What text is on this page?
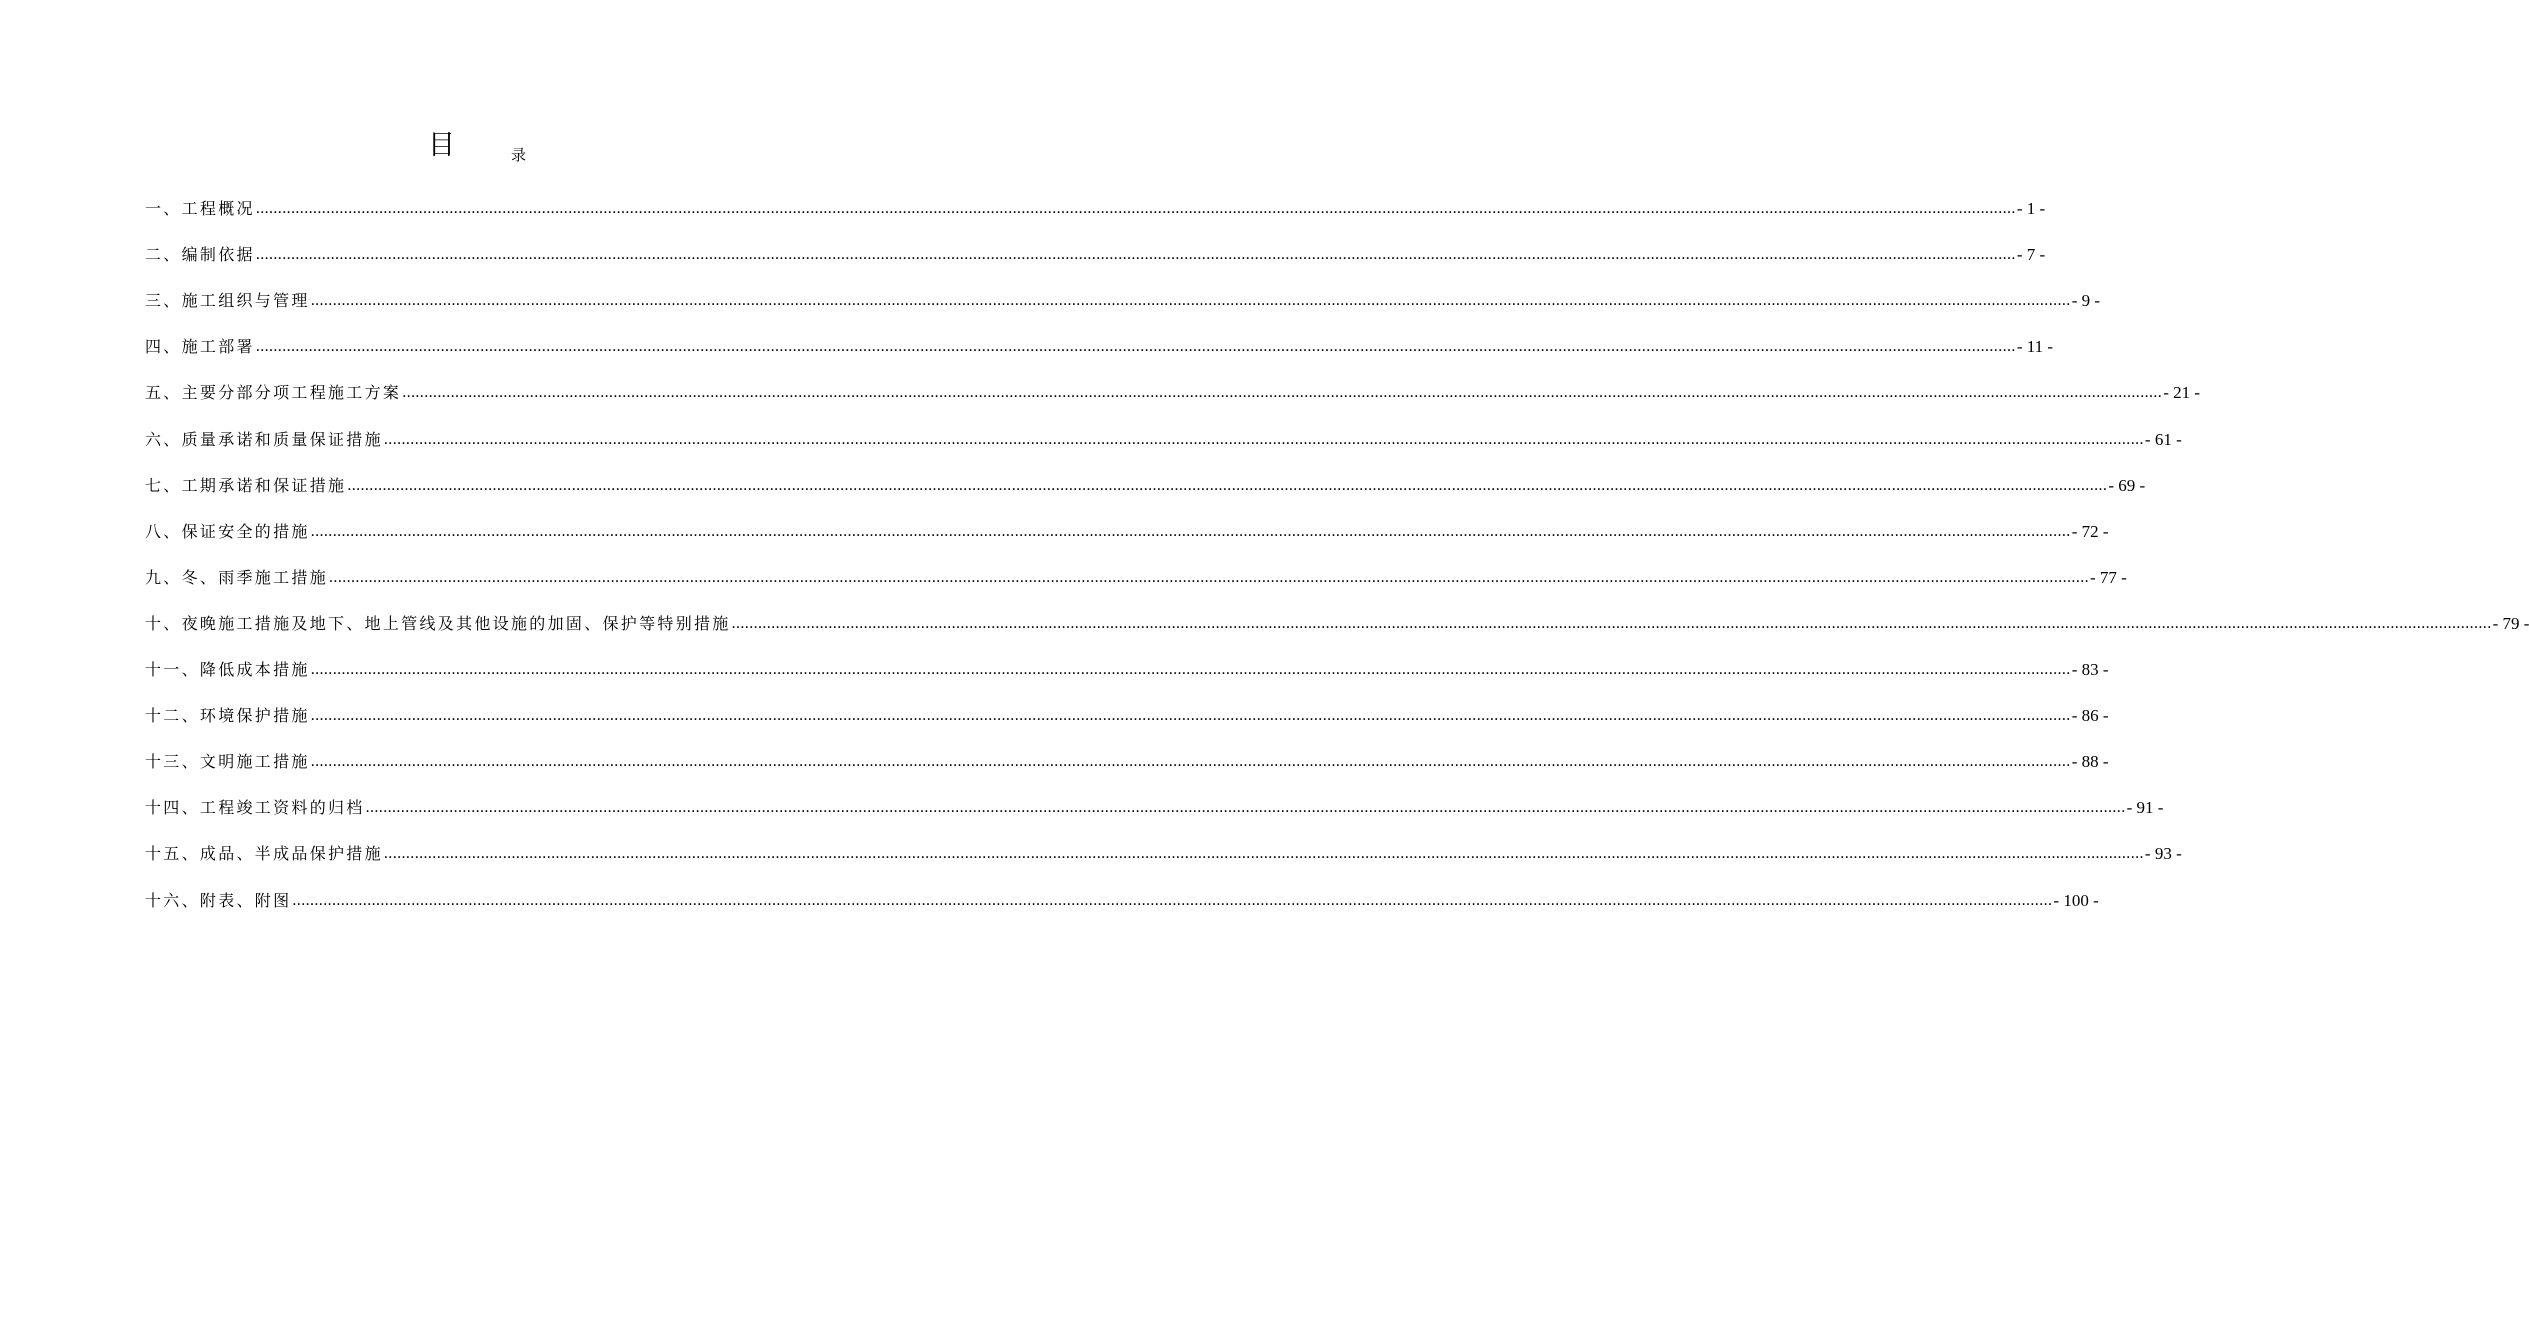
目	录
一、工程概况 ................................................................................................................................................................................................................................................................................................................................................................................................................ - 1 -
二、编制依据 ................................................................................................................................................................................................................................................................................................................................................................................................................ - 7 -
三、施工组织与管理 ................................................................................................................................................................................................................................................................................................................................................................................................................ - 9 -
四、施工部署 ................................................................................................................................................................................................................................................................................................................................................................................................................ - 11 -
五、主要分部分项工程施工方案 ................................................................................................................................................................................................................................................................................................................................................................................................................ - 21 -
六、质量承诺和质量保证措施 ................................................................................................................................................................................................................................................................................................................................................................................................................ - 61 -
七、工期承诺和保证措施 ................................................................................................................................................................................................................................................................................................................................................................................................................ - 69 -
八、保证安全的措施 ................................................................................................................................................................................................................................................................................................................................................................................................................ - 72 -
九、冬、雨季施工措施 ................................................................................................................................................................................................................................................................................................................................................................................................................ - 77 -
十、夜晚施工措施及地下、地上管线及其他设施的加固、保护等特别措施 ................................................................................................................................................................................................................................................................................................................................................................................................................ - 79 -
十一、降低成本措施 ................................................................................................................................................................................................................................................................................................................................................................................................................ - 83 -
十二、环境保护措施 ................................................................................................................................................................................................................................................................................................................................................................................................................ - 86 -
十三、文明施工措施 ................................................................................................................................................................................................................................................................................................................................................................................................................ - 88 -
十四、工程竣工资料的归档 ................................................................................................................................................................................................................................................................................................................................................................................................................ - 91 -
十五、成品、半成品保护措施 ................................................................................................................................................................................................................................................................................................................................................................................................................ - 93 -
十六、附表、附图 ................................................................................................................................................................................................................................................................................................................................................................................................................ - 100 -
